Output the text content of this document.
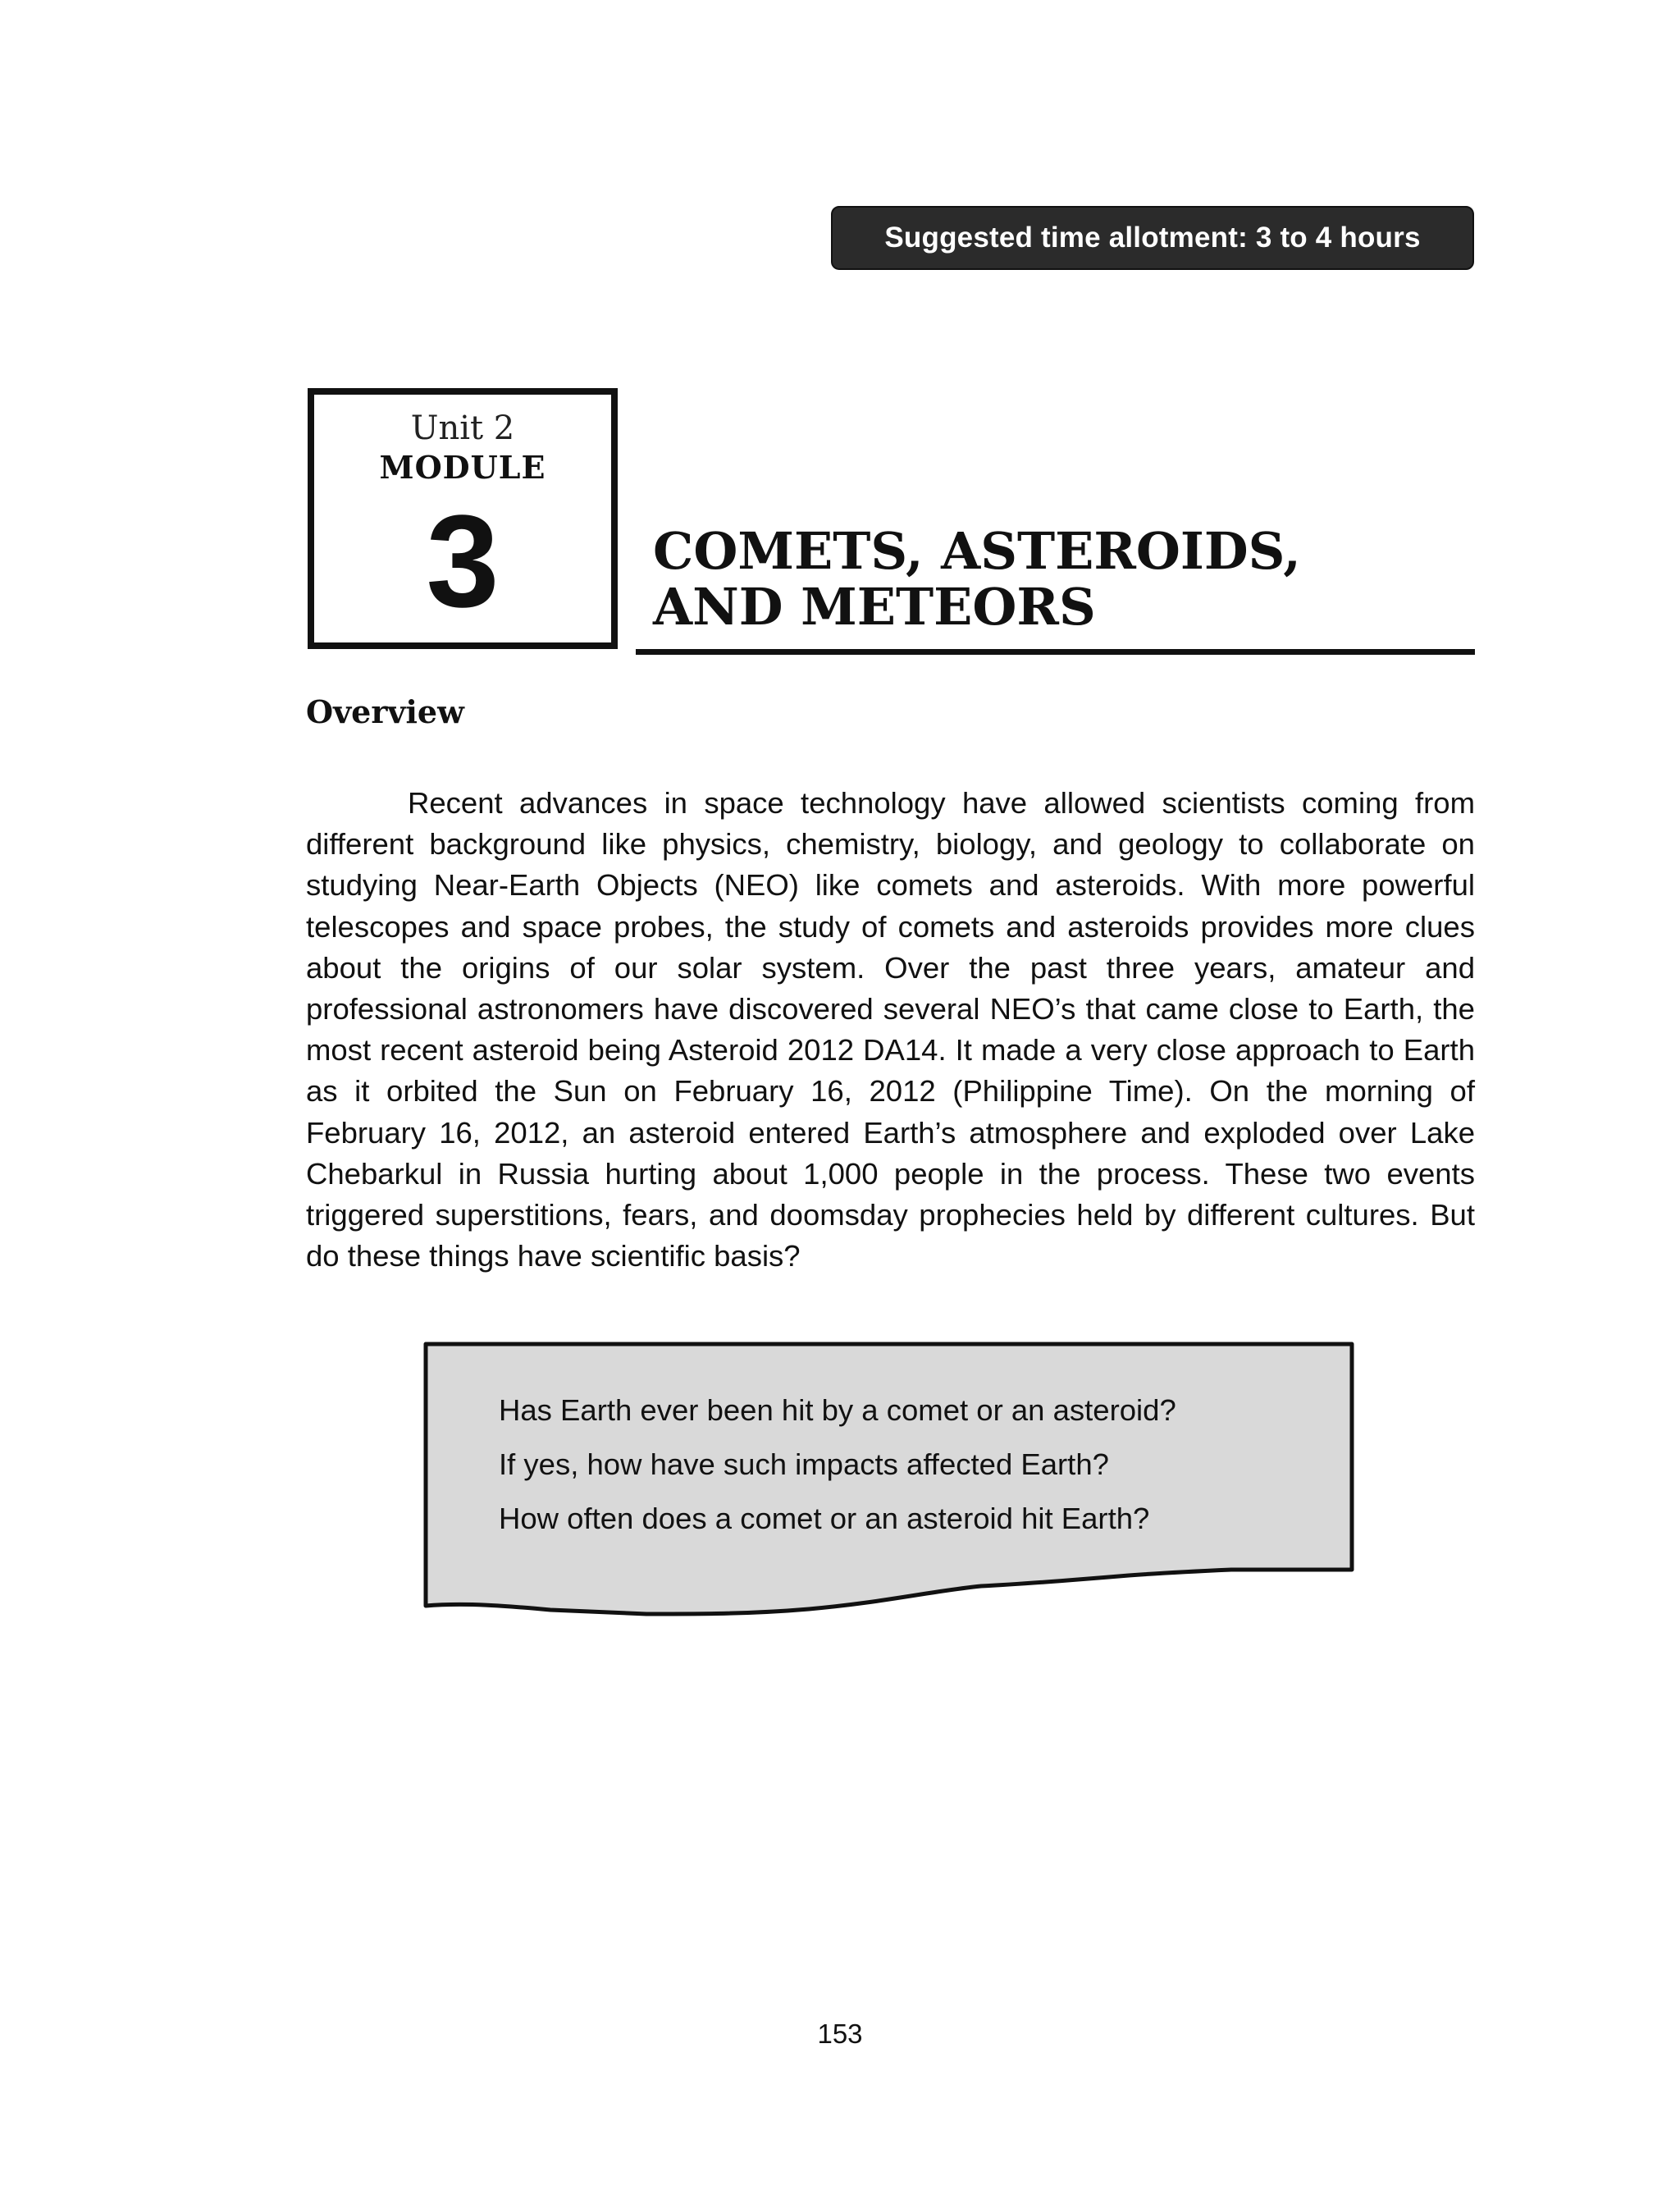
Suggested time allotment: 3 to 4 hours
Unit 2
MODULE
3	COMETS, ASTEROIDS,
AND METEORS
Overview

Recent advances in space technology have allowed scientists coming from different background like physics, chemistry, biology, and geology to collaborate on studying Near-Earth Objects (NEO) like comets and asteroids. With more powerful telescopes and space probes, the study of comets and asteroids provides more clues about the origins of our solar system. Over the past three years, amateur and professional astronomers have discovered several NEO’s that came close to Earth, the most recent asteroid being Asteroid 2012 DA14. It made a very close approach to Earth as it orbited the Sun on February 16, 2012 (Philippine Time). On the morning of February 16, 2012, an asteroid entered Earth’s atmosphere and exploded over Lake Chebarkul in Russia hurting about 1,000 people in the process. These two events triggered superstitions, fears, and doomsday prophecies held by different cultures. But do these things have scientific basis?

Has Earth ever been hit by a comet or an asteroid?
If yes, how have such impacts affected Earth?
How often does a comet or an asteroid hit Earth?
153
